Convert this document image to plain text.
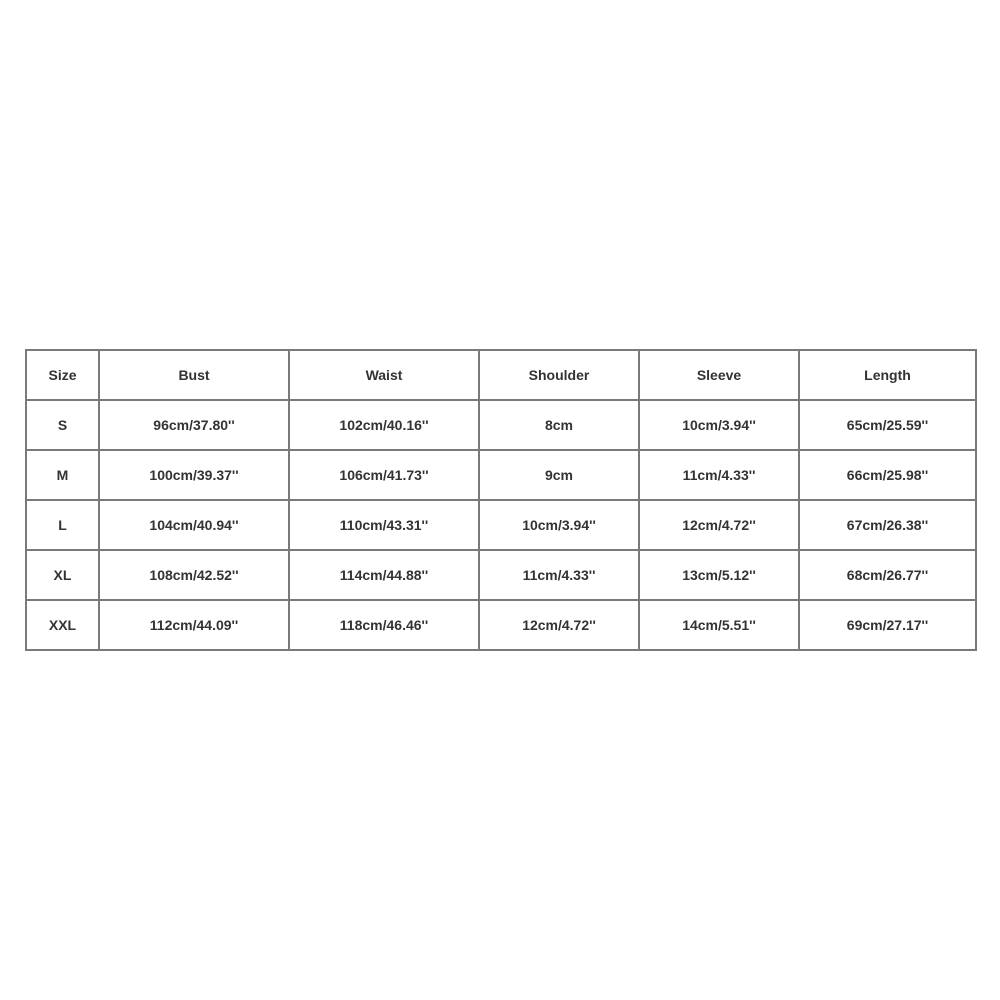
Size	Bust	Waist	Shoulder	Sleeve	Length
S	96cm/37.80''	102cm/40.16''	8cm	10cm/3.94''	65cm/25.59''
M	100cm/39.37''	106cm/41.73''	9cm	11cm/4.33''	66cm/25.98''
L	104cm/40.94''	110cm/43.31''	10cm/3.94''	12cm/4.72''	67cm/26.38''
XL	108cm/42.52''	114cm/44.88''	11cm/4.33''	13cm/5.12''	68cm/26.77''
XXL	112cm/44.09''	118cm/46.46''	12cm/4.72''	14cm/5.51''	69cm/27.17''
